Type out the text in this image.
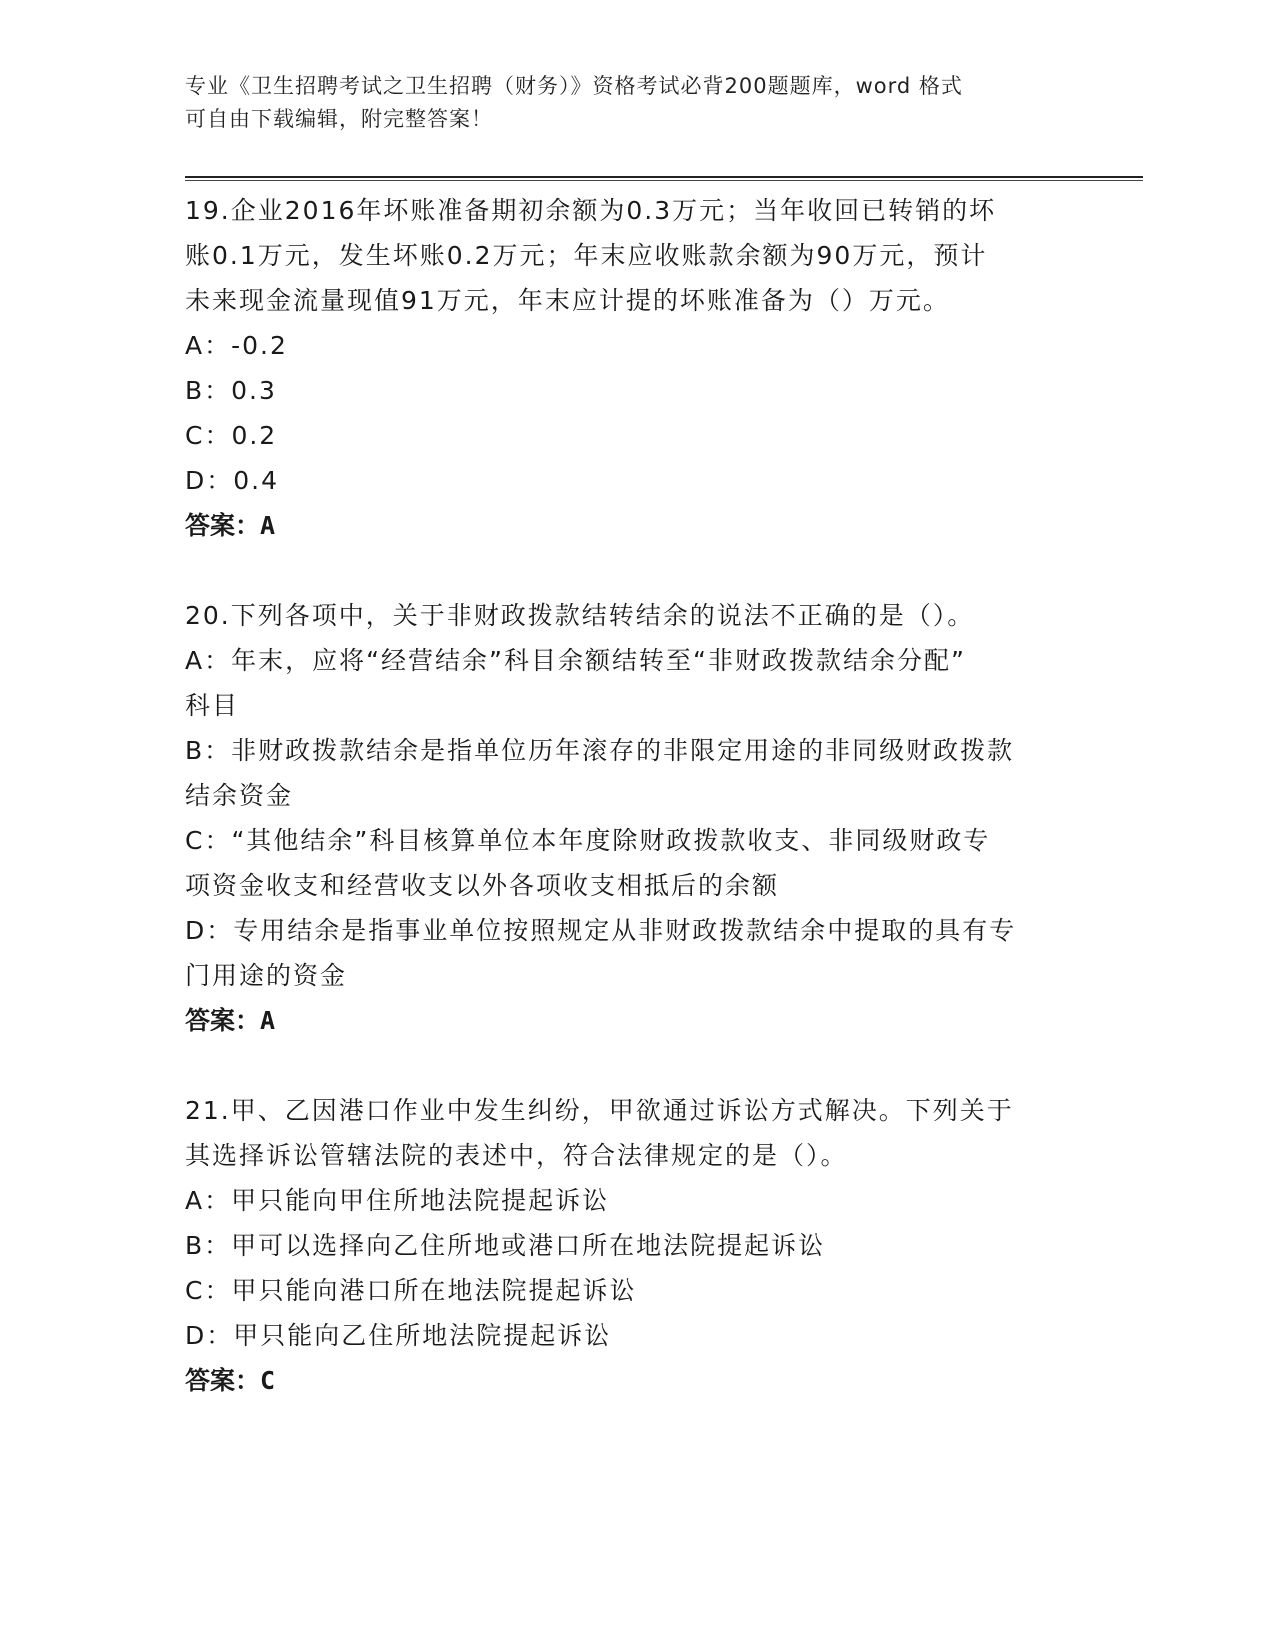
专业《卫生招聘考试之卫生招聘（财务）》资格考试必背200题题库，word 格式
可自由下载编辑，附完整答案！
19.企业2016年坏账准备期初余额为0.3万元；当年收回已转销的坏
账0.1万元，发生坏账0.2万元；年末应收账款余额为90万元，预计
未来现金流量现值91万元，年末应计提的坏账准备为（）万元。
A：-0.2
B：0.3
C：0.2
D：0.4
答案：A
20.下列各项中，关于非财政拨款结转结余的说法不正确的是（）。
A：年末，应将“经营结余”科目余额结转至“非财政拨款结余分配”
科目
B：非财政拨款结余是指单位历年滚存的非限定用途的非同级财政拨款
结余资金
C：“其他结余”科目核算单位本年度除财政拨款收支、非同级财政专
项资金收支和经营收支以外各项收支相抵后的余额
D：专用结余是指事业单位按照规定从非财政拨款结余中提取的具有专
门用途的资金
答案：A
21.甲、乙因港口作业中发生纠纷，甲欲通过诉讼方式解决。下列关于
其选择诉讼管辖法院的表述中，符合法律规定的是（）。
A：甲只能向甲住所地法院提起诉讼
B：甲可以选择向乙住所地或港口所在地法院提起诉讼
C：甲只能向港口所在地法院提起诉讼
D：甲只能向乙住所地法院提起诉讼
答案：C
